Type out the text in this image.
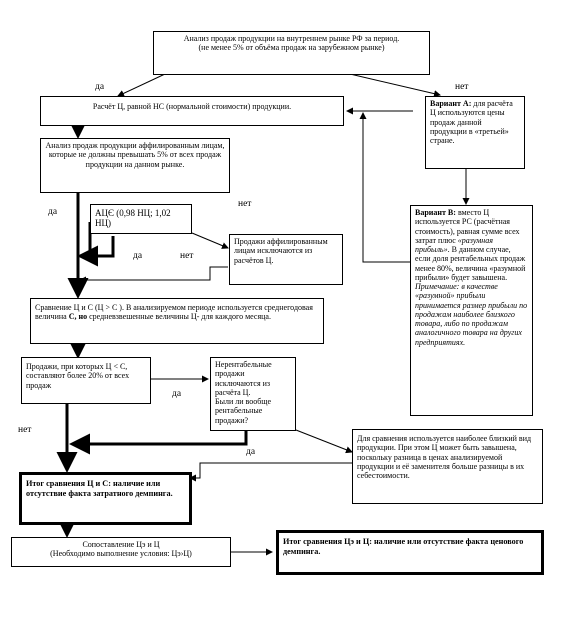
Анализ продаж продукции на внутреннем рынке РФ за период.
(не менее 5% от объёма продаж на зарубежном рынке)
да	нет
Расчёт Ц, равной НС (нормальной стоимости) продукции.	Вариант А: для расчёта Ц используются цены продаж данной продукции в «третьей» стране.
Анализ продаж продукции аффилированным лицам, которые не должны превышать 5% от всех продаж продукции на данном рынке.
да	АЦЄ (0,98 НЦ; 1,02 НЦ)
нет
да	нет
Продажи аффилированным лицам исключаются из расчётов Ц.
Вариант В: вместо Ц используется РС (расчётная стоимость), равная сумме всех затрат плюс «разумная прибыль». В данном случае, если доля рентабельных продаж менее 80%, величина «разумной прибыли» будет завышена. Примечание: в качестве «разумной» прибыли принимается размер прибыли по продажам наиболее близкого товара, либо по продажам аналогичного товара на других предприятиях.
Сравнение Ц и С (Ц > С ). В анализируемом периоде используется среднегодовая величина С, но средневзвешенные величины Ц- для каждого месяца.
Продажи, при которых Ц < С, составляют более 20% от всех продаж
Нерентабельные продажи исключаются из расчёта Ц.
Были ли вообще рентабельные продажи?
да
нет
да
Для сравнения используется наиболее близкий вид продукции. При этом Ц может быть завышена, поскольку разница в ценах анализируемой продукции и её заменителя больше разницы в их себестоимости.
Итог сравнения Ц и С: наличие или отсутствие факта затратного демпинга.
Сопоставление Цэ и Ц
(Необходимо выполнение условия: Цэ›Ц)
Итог сравнения Цэ и Ц: наличие или отсутствие факта ценового демпинга.
